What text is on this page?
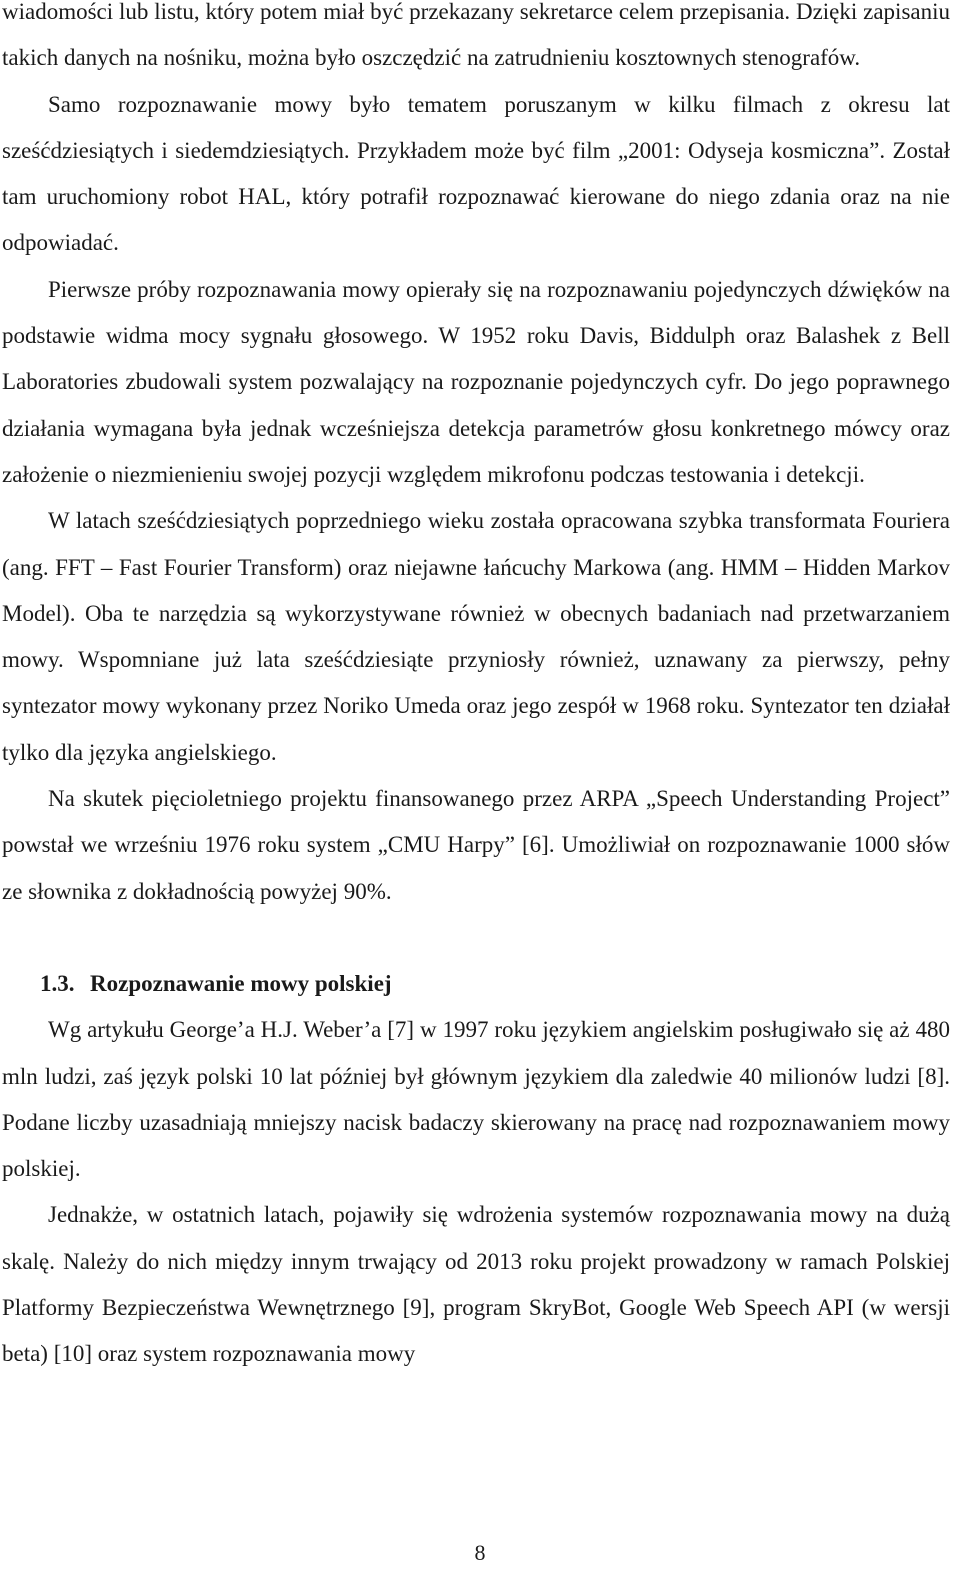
wiadomości lub listu, który potem miał być przekazany sekretarce celem przepisania. Dzięki zapisaniu takich danych na nośniku, można było oszczędzić na zatrudnieniu kosztownych stenografów.

Samo rozpoznawanie mowy było tematem poruszanym w kilku filmach z okresu lat sześćdziesiątych i siedemdziesiątych. Przykładem może być film „2001: Odyseja kosmiczna”. Został tam uruchomiony robot HAL, który potrafił rozpoznawać kierowane do niego zdania oraz na nie odpowiadać.

Pierwsze próby rozpoznawania mowy opierały się na rozpoznawaniu pojedynczych dźwięków na podstawie widma mocy sygnału głosowego. W 1952 roku Davis, Biddulph oraz Balashek z Bell Laboratories zbudowali system pozwalający na rozpoznanie pojedynczych cyfr. Do jego poprawnego działania wymagana była jednak wcześniejsza detekcja parametrów głosu konkretnego mówcy oraz założenie o niezmienieniu swojej pozycji względem mikrofonu podczas testowania i detekcji.

W latach sześćdziesiątych poprzedniego wieku została opracowana szybka transformata Fouriera (ang. FFT – Fast Fourier Transform) oraz niejawne łańcuchy Markowa (ang. HMM – Hidden Markov Model). Oba te narzędzia są wykorzystywane również w obecnych badaniach nad przetwarzaniem mowy. Wspomniane już lata sześćdziesiąte przyniosły również, uznawany za pierwszy, pełny syntezator mowy wykonany przez Noriko Umeda oraz jego zespół w 1968 roku. Syntezator ten działał tylko dla języka angielskiego.

Na skutek pięcioletniego projektu finansowanego przez ARPA „Speech Understanding Project” powstał we wrześniu 1976 roku system „CMU Harpy” [6]. Umożliwiał on rozpoznawanie 1000 słów ze słownika z dokładnością powyżej 90%.

1.3. Rozpoznawanie mowy polskiej

Wg artykułu George’a H.J. Weber’a [7] w 1997 roku językiem angielskim posługiwało się aż 480 mln ludzi, zaś język polski 10 lat później był głównym językiem dla zaledwie 40 milionów ludzi [8]. Podane liczby uzasadniają mniejszy nacisk badaczy skierowany na pracę nad rozpoznawaniem mowy polskiej.

Jednakże, w ostatnich latach, pojawiły się wdrożenia systemów rozpoznawania mowy na dużą skalę. Należy do nich między innym trwający od 2013 roku projekt prowadzony w ramach Polskiej Platformy Bezpieczeństwa Wewnętrznego [9], program SkryBot, Google Web Speech API (w wersji beta) [10] oraz system rozpoznawania mowy

8
